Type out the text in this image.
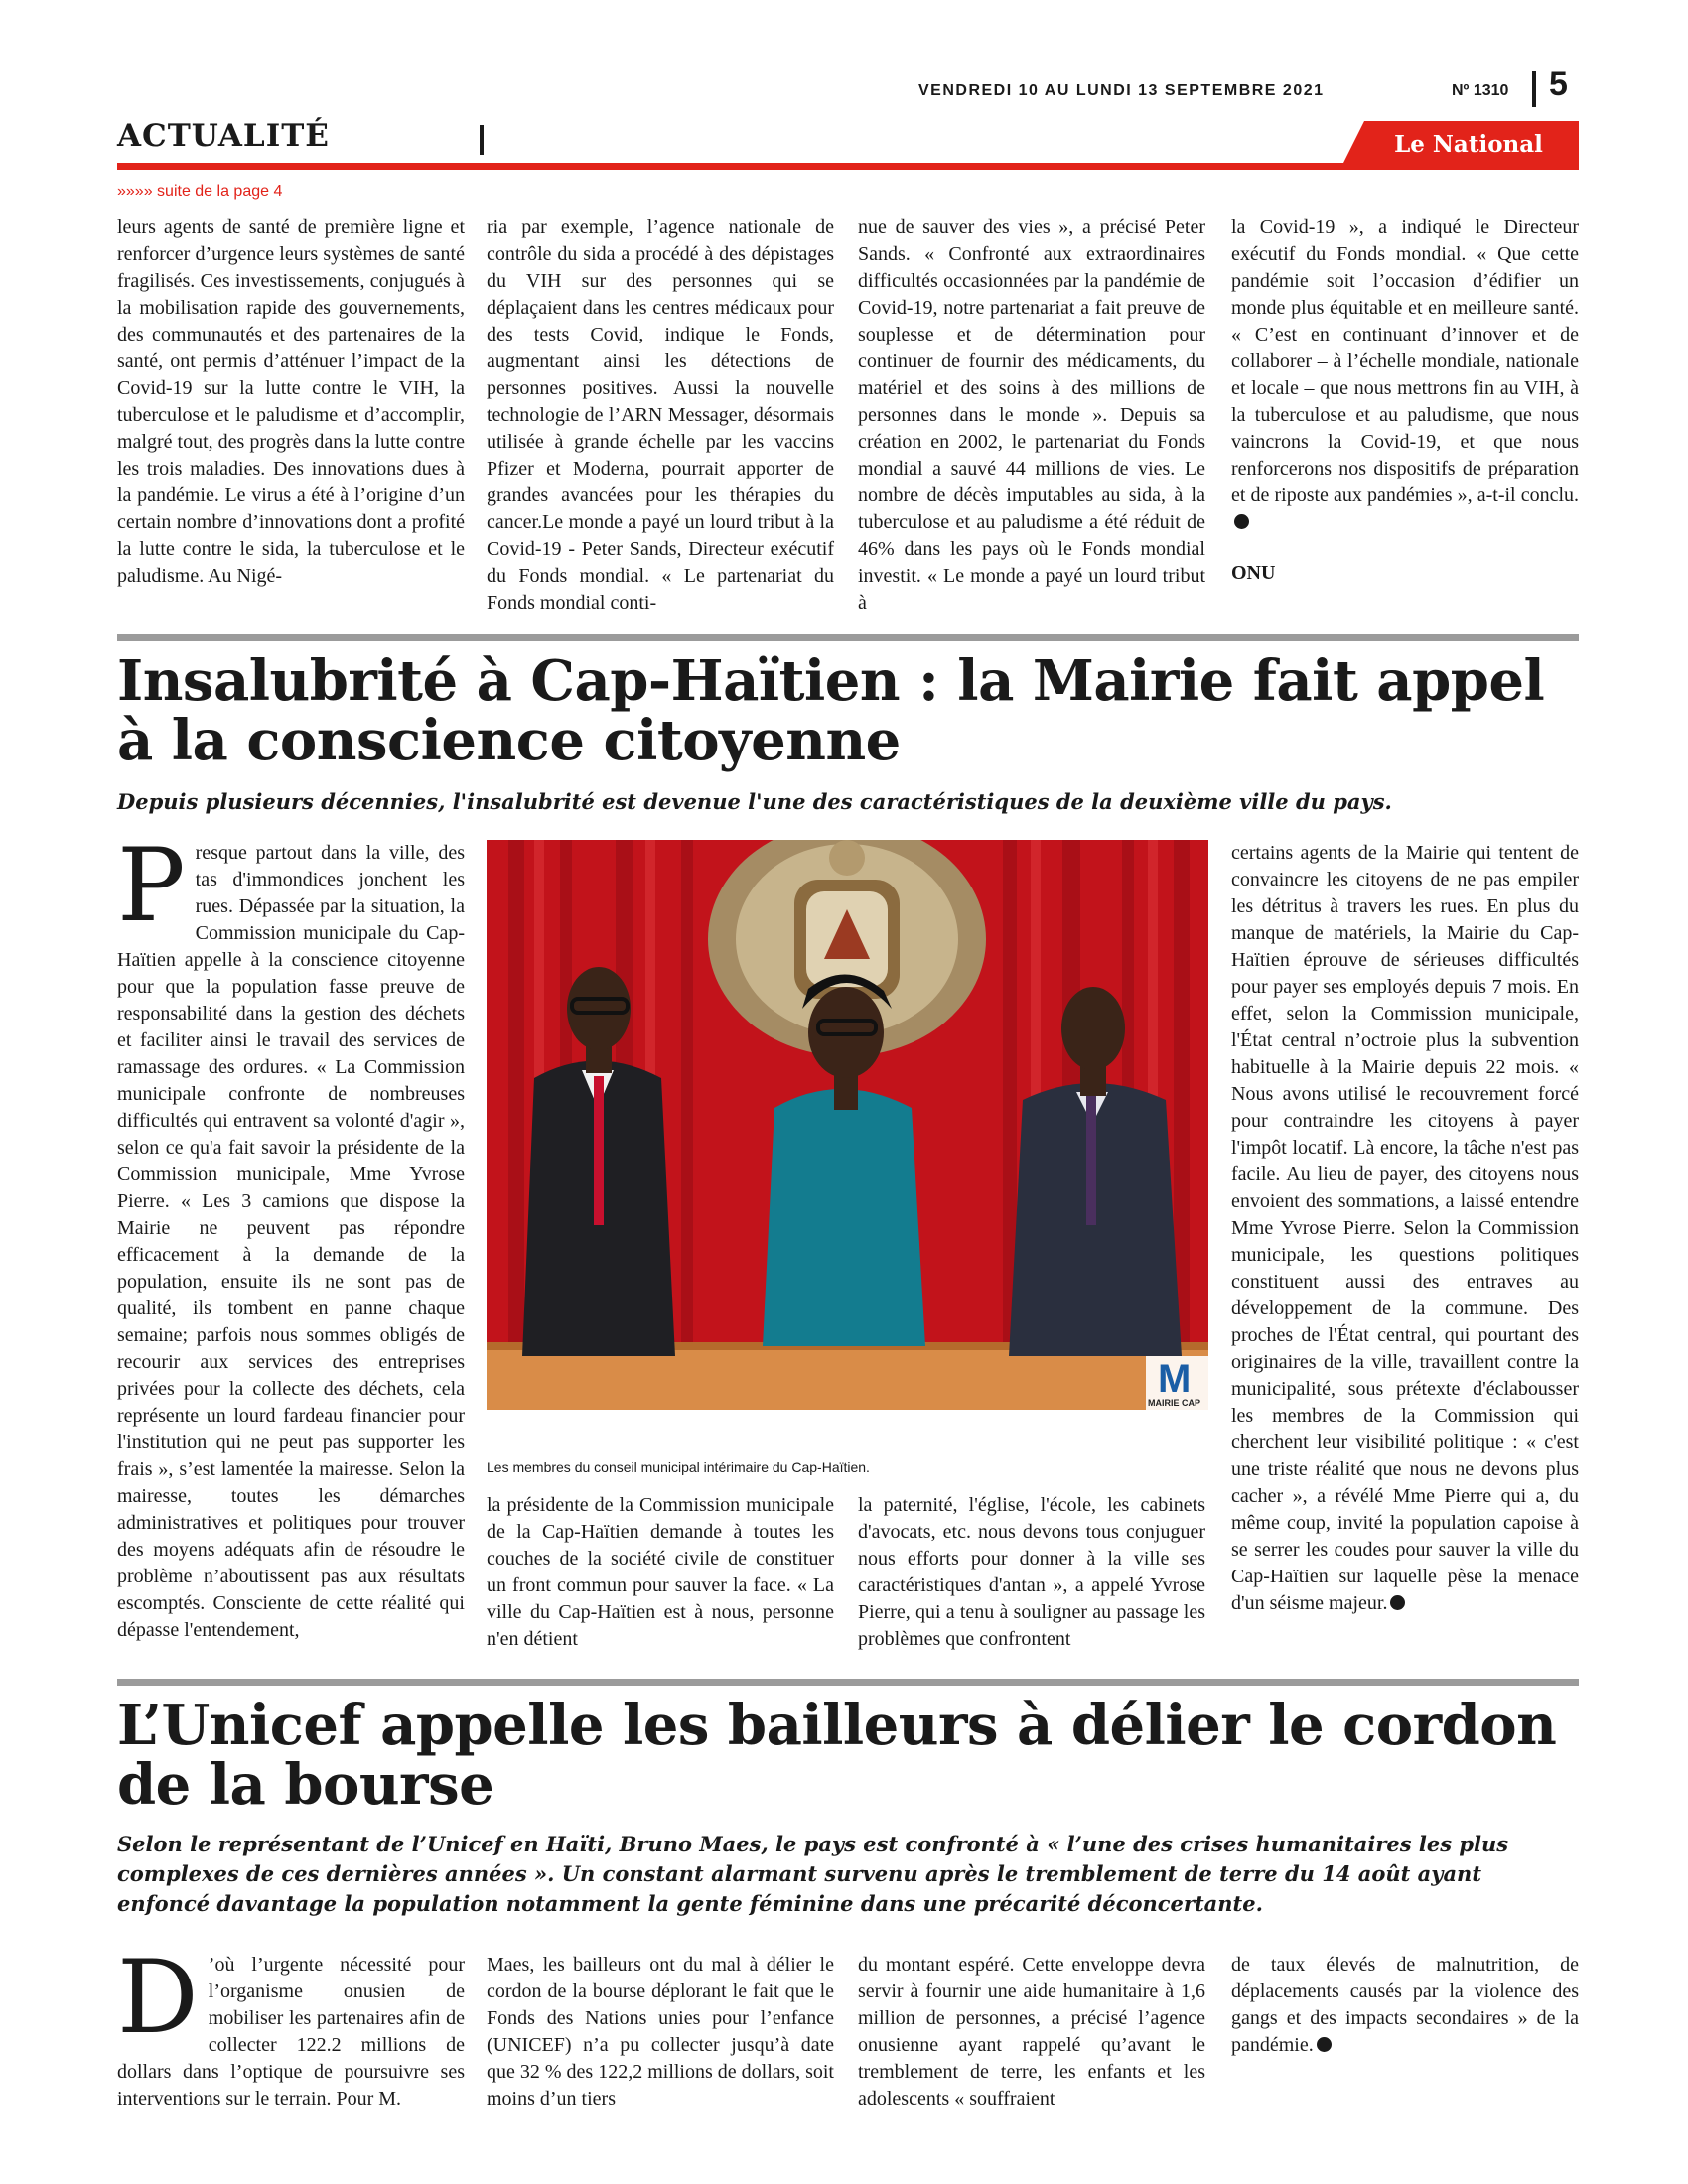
VENDREDI 10 AU LUNDI 13 SEPTEMBRE 2021	Nº 1310 5
ACTUALITÉ	Le National
»»»» suite de la page 4

leurs agents de santé de première ligne et renforcer d’urgence leurs systèmes de santé fragilisés. Ces investissements, conjugués à la mobilisation rapide des gouvernements, des communautés et des partenaires de la santé, ont permis d’atténuer l’impact de la Covid-19 sur la lutte contre le VIH, la tuberculose et le paludisme et d’accomplir, malgré tout, des progrès dans la lutte contre les trois maladies. Des innovations dues à la pandémie. Le virus a été à l’origine d’un certain nombre d’innovations dont a profité la lutte contre le sida, la tuberculose et le paludisme. Au Nigé-

ria par exemple, l’agence nationale de contrôle du sida a procédé à des dépistages du VIH sur des personnes qui se déplaçaient dans les centres médicaux pour des tests Covid, indique le Fonds, augmentant ainsi les détections de personnes positives. Aussi la nouvelle technologie de l’ARN Messager, désormais utilisée à grande échelle par les vaccins Pfizer et Moderna, pourrait apporter de grandes avancées pour les thérapies du cancer.Le monde a payé un lourd tribut à la Covid-19 - Peter Sands, Directeur exécutif du Fonds mondial. « Le partenariat du Fonds mondial conti-

nue de sauver des vies », a précisé Peter Sands. « Confronté aux extraordinaires difficultés occasionnées par la pandémie de Covid-19, notre partenariat a fait preuve de souplesse et de détermination pour continuer de fournir des médicaments, du matériel et des soins à des millions de personnes dans le monde ». Depuis sa création en 2002, le partenariat du Fonds mondial a sauvé 44 millions de vies. Le nombre de décès imputables au sida, à la tuberculose et au paludisme a été réduit de 46% dans les pays où le Fonds mondial investit. « Le monde a payé un lourd tribut à

la Covid-19 », a indiqué le Directeur exécutif du Fonds mondial. « Que cette pandémie soit l’occasion d’édifier un monde plus équitable et en meilleure santé. « C’est en continuant d’innover et de collaborer – à l’échelle mondiale, nationale et locale – que nous mettrons fin au VIH, à la tuberculose et au paludisme, que nous vaincrons la Covid-19, et que nous renforcerons nos dispositifs de préparation et de riposte aux pandémies », a-t-il conclu.

ONU
Insalubrité à Cap-Haïtien : la Mairie fait appel à la conscience citoyenne
Depuis plusieurs décennies, l'insalubrité est devenue l'une des caractéristiques de la deuxième ville du pays.

Presque partout dans la ville, des tas d'immondices jonchent les rues. Dépassée par la situation, la Commission municipale du Cap-Haïtien appelle à la conscience citoyenne pour que la population fasse preuve de responsabilité dans la gestion des déchets et faciliter ainsi le travail des services de ramassage des ordures. « La Commission municipale confronte de nombreuses difficultés qui entravent sa volonté d'agir », selon ce qu'a fait savoir la présidente de la Commission municipale, Mme Yvrose Pierre. « Les 3 camions que dispose la Mairie ne peuvent pas répondre efficacement à la demande de la population, ensuite ils ne sont pas de qualité, ils tombent en panne chaque semaine; parfois nous sommes obligés de recourir aux services des entreprises privées pour la collecte des déchets, cela représente un lourd fardeau financier pour l'institution qui ne peut pas supporter les frais », s’est lamentée la mairesse. Selon la mairesse, toutes les démarches administratives et politiques pour trouver des moyens adéquats afin de résoudre le problème n’aboutissent pas aux résultats escomptés. Consciente de cette réalité qui dépasse l'entendement,

M
MAIRIE CAP
Les membres du conseil municipal intérimaire du Cap-Haïtien.

la présidente de la Commission municipale de la Cap-Haïtien demande à toutes les couches de la société civile de constituer un front commun pour sauver la face. « La ville du Cap-Haïtien est à nous, personne n'en détient

la paternité, l'église, l'école, les cabinets d'avocats, etc. nous devons tous conjuguer nous efforts pour donner à la ville ses caractéristiques d'antan », a appelé Yvrose Pierre, qui a tenu à souligner au passage les problèmes que confrontent

certains agents de la Mairie qui tentent de convaincre les citoyens de ne pas empiler les détritus à travers les rues. En plus du manque de matériels, la Mairie du Cap-Haïtien éprouve de sérieuses difficultés pour payer ses employés depuis 7 mois. En effet, selon la Commission municipale, l'État central n’octroie plus la subvention habituelle à la Mairie depuis 22 mois. « Nous avons utilisé le recouvrement forcé pour contraindre les citoyens à payer l'impôt locatif. Là encore, la tâche n'est pas facile. Au lieu de payer, des citoyens nous envoient des sommations, a laissé entendre Mme Yvrose Pierre. Selon la Commission municipale, les questions politiques constituent aussi des entraves au développement de la commune. Des proches de l'État central, qui pourtant des originaires de la ville, travaillent contre la municipalité, sous prétexte d'éclabousser les membres de la Commission qui cherchent leur visibilité politique : « c'est une triste réalité que nous ne devons plus cacher », a révélé Mme Pierre qui a, du même coup, invité la population capoise à se serrer les coudes pour sauver la ville du Cap-Haïtien sur laquelle pèse la menace d'un séisme majeur.

L’Unicef appelle les bailleurs à délier le cordon de la bourse
Selon le représentant de l’Unicef en Haïti, Bruno Maes, le pays est confronté à « l’une des crises humanitaires les plus complexes de ces dernières années ». Un constant alarmant survenu après le tremblement de terre du 14 août ayant enfoncé davantage la population notamment la gente féminine dans une précarité déconcertante.

D ’où l’urgente nécessité pour l’organisme onusien de mobiliser les partenaires afin de collecter 122.2 millions de dollars dans l’optique de poursuivre ses interventions sur le terrain. Pour M.

Maes, les bailleurs ont du mal à délier le cordon de la bourse déplorant le fait que le Fonds des Nations unies pour l’enfance (UNICEF) n’a pu collecter jusqu’à date que 32 % des 122,2 millions de dollars, soit moins d’un tiers

du montant espéré. Cette enveloppe devra servir à fournir une aide humanitaire à 1,6 million de personnes, a précisé l’agence onusienne ayant rappelé qu’avant le tremblement de terre, les enfants et les adolescents « souffraient

de taux élevés de malnutrition, de déplacements causés par la violence des gangs et des impacts secondaires » de la pandémie.
